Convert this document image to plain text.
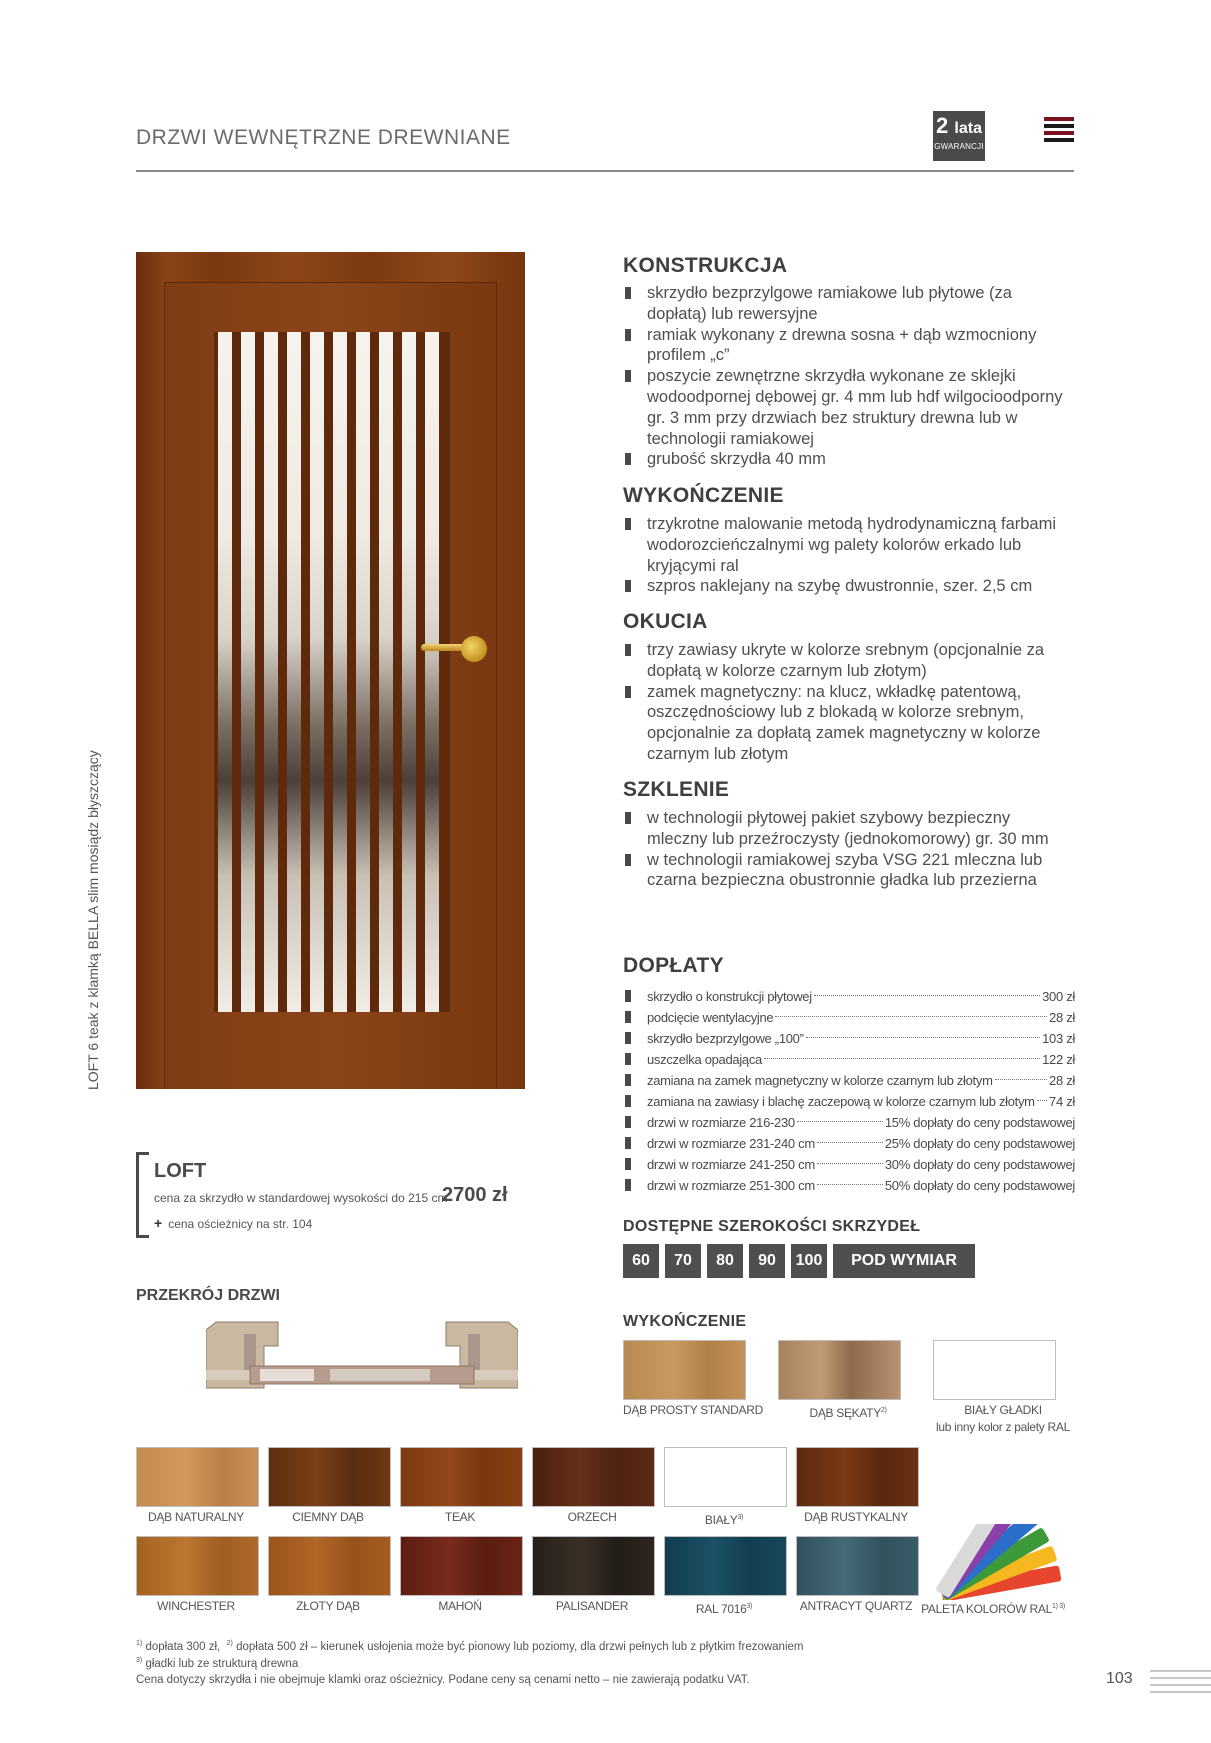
DRZWI WEWNĘTRZNE DREWNIANE	2 lata
GWARANCJI
LOFT 6 teak z klamką BELLA slim mosiądz błyszczący
LOFT
cena za skrzydło w standardowej wysokości do 215 cm
2700 zł
+ cena ościeżnicy na str. 104
PRZEKRÓJ DRZWI
KONSTRUKCJA
skrzydło bezprzylgowe ramiakowe lub płytowe (za dopłatą) lub rewersyjne
ramiak wykonany z drewna sosna + dąb wzmocniony profilem „c”
poszycie zewnętrzne skrzydła wykonane ze sklejki wodoodpornej dębowej gr. 4 mm lub hdf wilgocioodporny gr. 3 mm przy drzwiach bez struktury drewna lub w technologii ramiakowej
grubość skrzydła 40 mm
WYKOŃCZENIE
trzykrotne malowanie metodą hydrodynamiczną farbami wodorozcieńczalnymi wg palety kolorów erkado lub kryjącymi ral
szpros naklejany na szybę dwustronnie, szer. 2,5 cm
OKUCIA
trzy zawiasy ukryte w kolorze srebnym (opcjonalnie za dopłatą w kolorze czarnym lub złotym)
zamek magnetyczny: na klucz, wkładkę patentową, oszczędnościowy lub z blokadą w kolorze srebnym, opcjonalnie za dopłatą zamek magnetyczny w kolorze czarnym lub złotym
SZKLENIE
w technologii płytowej pakiet szybowy bezpieczny mleczny lub przeźroczysty (jednokomorowy) gr. 30 mm
w technologii ramiakowej szyba VSG 221 mleczna lub czarna bezpieczna obustronnie gładka lub przezierna
DOPŁATY
skrzydło o konstrukcji płytowej	300 zł
podcięcie wentylacyjne	28 zł
skrzydło bezprzylgowe „100”	103 zł
uszczelka opadająca	122 zł
zamiana na zamek magnetyczny w kolorze czarnym lub złotym	28 zł
zamiana na zawiasy i blachę zaczepową w kolorze czarnym lub złotym 74 zł
drzwi w rozmiarze 216-230	15% dopłaty do ceny podstawowej
drzwi w rozmiarze 231-240 cm	25% dopłaty do ceny podstawowej
drzwi w rozmiarze 241-250 cm	30% dopłaty do ceny podstawowej
drzwi w rozmiarze 251-300 cm	50% dopłaty do ceny podstawowej
DOSTĘPNE SZEROKOŚCI SKRZYDEŁ
60	70	80	90	100	POD WYMIAR
WYKOŃCZENIE
DĄB PROSTY STANDARD	DĄB SĘKATY$^{2)}$	BIAŁY GŁADKI
lub inny kolor z palety RAL
DĄB NATURALNY	CIEMNY DĄB	TEAK	ORZECH	BIAŁY$^{3)}$	DĄB RUSTYKALNY
WINCHESTER	ZŁOTY DĄB	MAHOŃ	PALISANDER	RAL 7016$^{3)}$	ANTRACYT QUARTZ PALETA KOLORÓW $RAL^{1) 3)}$
$^{1)}$ dopłata 300 zł, $^{2)}$ dopłata 500 zł – kierunek usłojenia może być pionowy lub poziomy, dla drzwi pełnych lub z płytkim frezowaniem
$^{3)}$ gładki lub ze strukturą drewna
Cena dotyczy skrzydła i nie obejmuje klamki oraz ościeżnicy. Podane ceny są cenami netto – nie zawierają podatku VAT.	103
